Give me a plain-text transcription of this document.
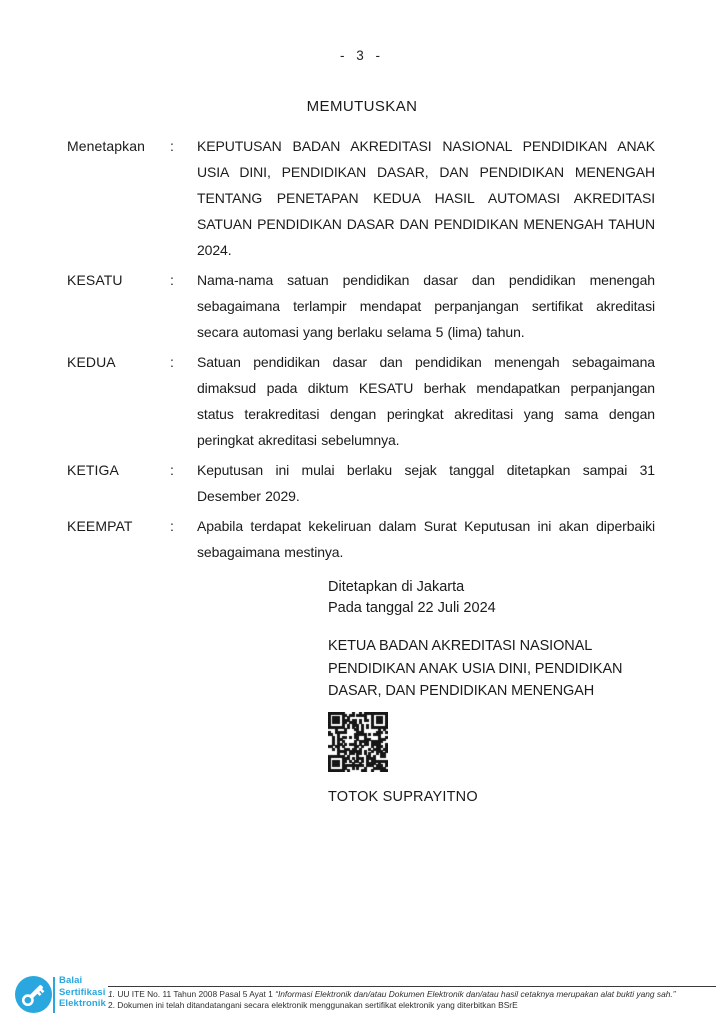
- 3 -
MEMUTUSKAN
Menetapkan	:	KEPUTUSAN BADAN AKREDITASI NASIONAL PENDIDIKAN ANAK USIA DINI, PENDIDIKAN DASAR, DAN PENDIDIKAN MENENGAH TENTANG PENETAPAN KEDUA HASIL AUTOMASI AKREDITASI SATUAN PENDIDIKAN DASAR DAN PENDIDIKAN MENENGAH TAHUN 2024.
KESATU	:	Nama-nama satuan pendidikan dasar dan pendidikan menengah sebagaimana terlampir mendapat perpanjangan sertifikat akreditasi secara automasi yang berlaku selama 5 (lima) tahun.
KEDUA	:	Satuan pendidikan dasar dan pendidikan menengah sebagaimana dimaksud pada diktum KESATU berhak mendapatkan perpanjangan status terakreditasi dengan peringkat akreditasi yang sama dengan peringkat akreditasi sebelumnya.
KETIGA	:	Keputusan ini mulai berlaku sejak tanggal ditetapkan sampai 31 Desember 2029.
KEEMPAT	:	Apabila terdapat kekeliruan dalam Surat Keputusan ini akan diperbaiki sebagaimana mestinya.
Ditetapkan di Jakarta
Pada tanggal 22 Juli 2024
KETUA BADAN AKREDITASI NASIONAL
PENDIDIKAN ANAK USIA DINI, PENDIDIKAN
DASAR, DAN PENDIDIKAN MENENGAH
TOTOK SUPRAYITNO
Balai
Sertifikasi
Elektronik
1. UU ITE No. 11 Tahun 2008 Pasal 5 Ayat 1 “Informasi Elektronik dan/atau Dokumen Elektronik dan/atau hasil cetaknya merupakan alat bukti yang sah.”
2. Dokumen ini telah ditandatangani secara elektronik menggunakan sertifikat elektronik yang diterbitkan BSrE
